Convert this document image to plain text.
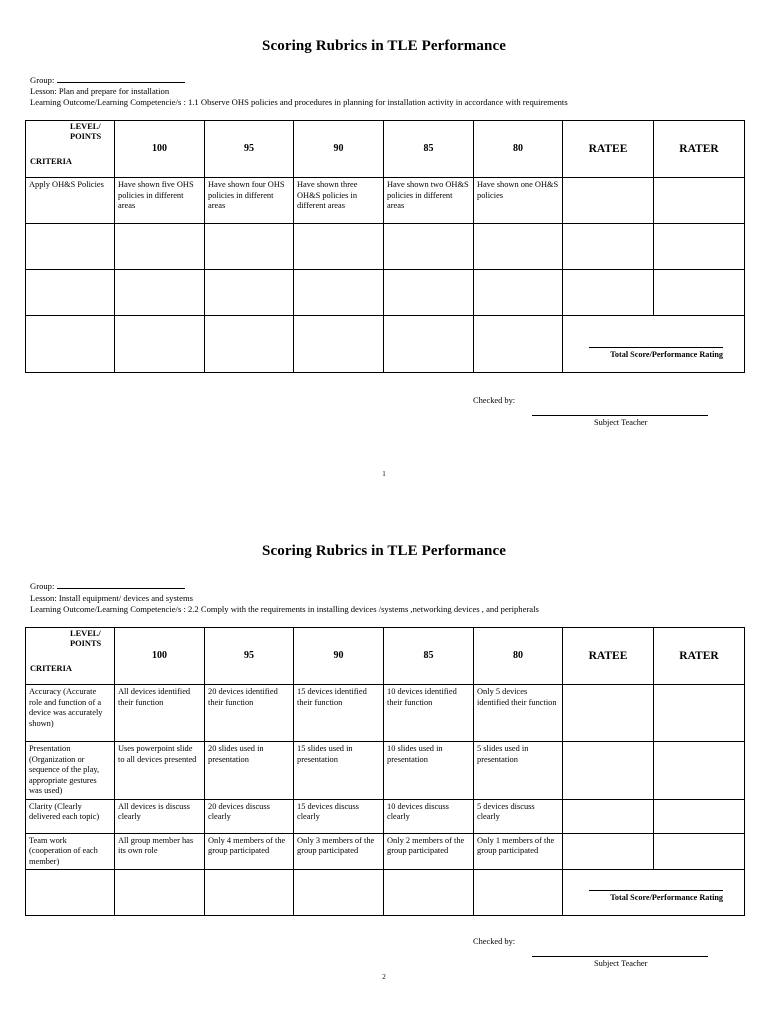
Scoring Rubrics in TLE Performance
Group:
Lesson: Plan and prepare for installation
Learning Outcome/Learning Competencie/s : 1.1 Observe OHS policies and procedures in planning for installation activity in accordance with requirements
LEVEL/
POINTS
CRITERIA	100	95	90	85	80	RATEE	RATER
Apply OH&S Policies	Have shown five OHS policies in different areas	Have shown four OHS policies in different areas	Have shown three OH&S policies in different areas	Have shown two OH&S policies in different areas	Have shown one OH&S policies		

Total Score/Performance Rating	
Checked by:
Subject Teacher
1
Scoring Rubrics in TLE Performance
Group:
Lesson: Install equipment/ devices and systems
Learning Outcome/Learning Competencie/s : 2.2 Comply with the requirements in installing devices /systems ,networking devices , and peripherals
LEVEL/
POINTS
CRITERIA	100	95	90	85	80	RATEE	RATER
Accuracy (Accurate role and function of a device was accurately shown)	All devices identified their function	20 devices identified their function	15 devices identified their function	10 devices identified their function	Only 5 devices identified their function		
Presentation (Organization or sequence of the play, appropriate gestures was used)	Uses powerpoint slide to all devices presented	20 slides used in presentation	15 slides used in presentation	10 slides used in presentation	5 slides used in presentation		
Clarity (Clearly delivered each topic)	All devices is discuss clearly	20 devices discuss clearly	15 devices discuss clearly	10 devices discuss clearly	5 devices discuss clearly		
Team work (cooperation of each member)	All group member has its own role	Only 4 members of the group participated	Only 3 members of the group participated	Only 2 members of the group participated	Only 1 members of the group participated		

Total Score/Performance Rating	
Checked by:
Subject Teacher
2
